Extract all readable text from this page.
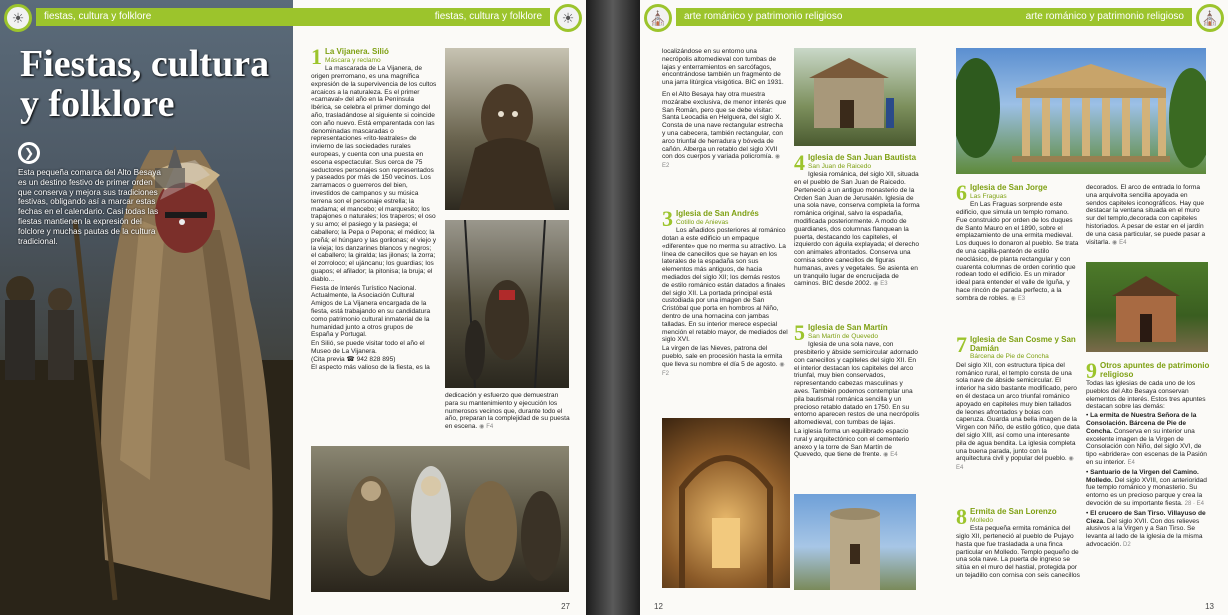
fiestas, cultura y folklore
☀
Fiestas, cultura
y folklore
❯
Esta pequeña comarca del Alto Besaya es un destino festivo de primer orden que conserva y mejora sus tradiciones festivas, obligando así a marcar estas fechas en el calendario. Casi todas las fiestas mantienen la expresión del folclore y muchas pautas de la cultura tradicional.
fiestas, cultura y folklore	☀
1 La Vijanera. Silió
Máscara y reclamo

La mascarada de La Vijanera, de origen prerromano, es una magnífica expresión de la supervivencia de los cultos arcaicos a la naturaleza. Es el primer «carnaval» del año en la Península Ibérica, se celebra el primer domingo del año, trasladándose al siguiente si coincide con año nuevo. Está emparentada con las denominadas mascaradas o representaciones «rito-teatrales» de invierno de las sociedades rurales europeas, y cuenta con una puesta en escena espectacular. Sus cerca de 75 seductores personajes son representados y paseados por más de 150 vecinos. Los zarramacos o guerreros del bien, investidos de campanos y su música terrena son el personaje estrella; la madama; el mancebo; el marquesito; los trapajones o naturales; los traperos; el oso y su amo; el pasiego y la pasiega; el caballero; la Pepa o Pepona; el médico; la preñá; el húngaro y las gorilonas; el viejo y la vieja; los danzarines blancos y negros; el caballero; la giralda; las jilonas; la zorra; el zorroloco; el ujáncanu; los guardias; los guapos; el afilador; la pitonisa; la bruja; el diablo...

Fiesta de Interés Turístico Nacional. Actualmente, la Asociación Cultural Amigos de La Vijanera encargada de la fiesta, está trabajando en su candidatura como patrimonio cultural inmaterial de la humanidad junto a otros grupos de España y Portugal.

En Silió, se puede visitar todo el año el Museo de La Vijanera.

(Cita previa ☎ 942 828 895)

El aspecto más valioso de la fiesta, es la

dedicación y esfuerzo que demuestran para su mantenimiento y ejecución los numerosos vecinos que, durante todo el año, preparan la complejidad de su puesta en escena. ◉ F4
27
⛪	arte románico y patrimonio religioso

localizándose en su entorno una necrópolis altomedieval con tumbas de lajas y enterramientos en sarcófagos, encontrándose también un fragmento de una jarra litúrgica visigótica. BIC en 1931.

En el Alto Besaya hay otra muestra mozárabe exclusiva, de menor interés que San Román, pero que se debe visitar: Santa Leocadia en Helguera, del siglo X. Consta de una nave rectangular estrecha y una cabecera, también rectangular, con arco triunfal de herradura y bóveda de cañón. Alberga un retablo del siglo XVII con dos cuerpos y variada policromía. ◉ E2

3 Iglesia de San Andrés
Cotillo de Anievas

Los añadidos posteriores al románico dotan a este edificio un empaque «diferente» que no merma su atractivo. La línea de canecillos que se hayan en los laterales de la espadaña son sus elementos más antiguos, de hacia mediados del siglo XII; los demás restos de estilo románico están datados a finales del siglo XII. La portada principal está custodiada por una imagen de San Cristóbal que porta en hombros al Niño, dentro de una hornacina con jambas talladas. En su interior merece especial mención el retablo mayor, de mediados del siglo XVI.

La virgen de las Nieves, patrona del pueblo, sale en procesión hasta la ermita que lleva su nombre el día 5 de agosto. ◉ F2

4 Iglesia de San Juan Bautista
San Juan de Raicedo

Iglesia románica, del siglo XII, situada en el pueblo de San Juan de Raicedo. Perteneció a un antiguo monasterio de la Orden San Juan de Jerusalén. Iglesia de una sola nave, conserva completa la forma románica original, salvo la espadaña, modificada posteriormente. A modo de guardianes, dos columnas flanquean la puerta, destacando los capiteles, el izquierdo con águila explayada; el derecho con animales afrontados. Conserva una cornisa sobre canecillos de figuras humanas, aves y vegetales. Se asienta en un tranquilo lugar de encrucijada de caminos. BIC desde 2002. ◉ E3

5 Iglesia de San Martín
San Martín de Quevedo

Iglesia de una sola nave, con presbiterio y ábside semicircular adornado con canecillos y capiteles del siglo XII. En el interior destacan los capiteles del arco triunfal, muy bien conservados, representando cabezas masculinas y aves. También podemos contemplar una pila bautismal románica sencilla y un precioso retablo datado en 1750. En su entorno aparecen restos de una necrópolis altomedieval, con tumbas de lajas.

La iglesia forma un equilibrado espacio rural y arquitectónico con el cementerio anexo y la torre de San Martín de Quevedo, que tiene de frente. ◉ E4

12
arte románico y patrimonio religioso	⛪
6 Iglesia de San Jorge
Las Fraguas

En Las Fraguas sorprende este edificio, que simula un templo romano. Fue construido por orden de los duques de Santo Mauro en el 1890, sobre el emplazamiento de una ermita medieval. Los duques lo donaron al pueblo. Se trata de una capilla-panteón de estilo neoclásico, de planta rectangular y con cuarenta columnas de orden corintio que rodean todo el edificio. Es un mirador ideal para entender el valle de Iguña, y hace rincón de parada perfecto, a la sombra de robles. ◉ E3

7 Iglesia de San Cosme y San Damián
Bárcena de Pie de Concha

Del siglo XII, con estructura típica del románico rural, el templo consta de una sola nave de ábside semicircular. El interior ha sido bastante modificado, pero en él destaca un arco triunfal románico apoyado en capiteles muy bien tallados de leones afrontados y bolas con caperuza. Guarda una bella imagen de la Virgen con Niño, de estilo gótico, que data del siglo XIII, así como una interesante pila de agua bendita. La iglesia completa una buena parada, junto con la arquitectura civil y popular del pueblo. ◉ E4

8 Ermita de San Lorenzo
Molledo

Esta pequeña ermita románica del siglo XII, perteneció al pueblo de Pujayo hasta que fue trasladada a una finca particular en Molledo. Templo pequeño de una sola nave. La puerta de ingreso se sitúa en el muro del hastial, protegida por un tejadillo con cornisa con seis canecillos

decorados. El arco de entrada lo forma una arquivolta sencilla apoyada en sendos capiteles iconográficos. Hay que destacar la ventana situada en el muro sur del templo,decorada con capiteles historiados. A pesar de estar en el jardín de una casa particular, se puede pasar a visitarla. ◉ E4
9 Otros apuntes de patrimonio religioso

Todas las iglesias de cada uno de los pueblos del Alto Besaya conservan elementos de interés. Estos tres apuntes destacan sobre las demás:

• La ermita de Nuestra Señora de la Consolación. Bárcena de Pie de Concha. Conserva en su interior una excelente imagen de la Virgen de Consolación con Niño, del siglo XVI, de tipo «abridera» con escenas de la Pasión en su interior. E4

• Santuario de la Virgen del Camino. Molledo. Del siglo XVIII, con anterioridad fue templo románico y monasterio. Su entorno es un precioso parque y crea la devoción de su importante fiesta. 28 · E4

• El crucero de San Tirso. Villayuso de Cieza. Del siglo XVII. Con dos relieves alusivos a la Virgen y a San Tirso. Se levanta al lado de la iglesia de la misma advocación. D2

13
